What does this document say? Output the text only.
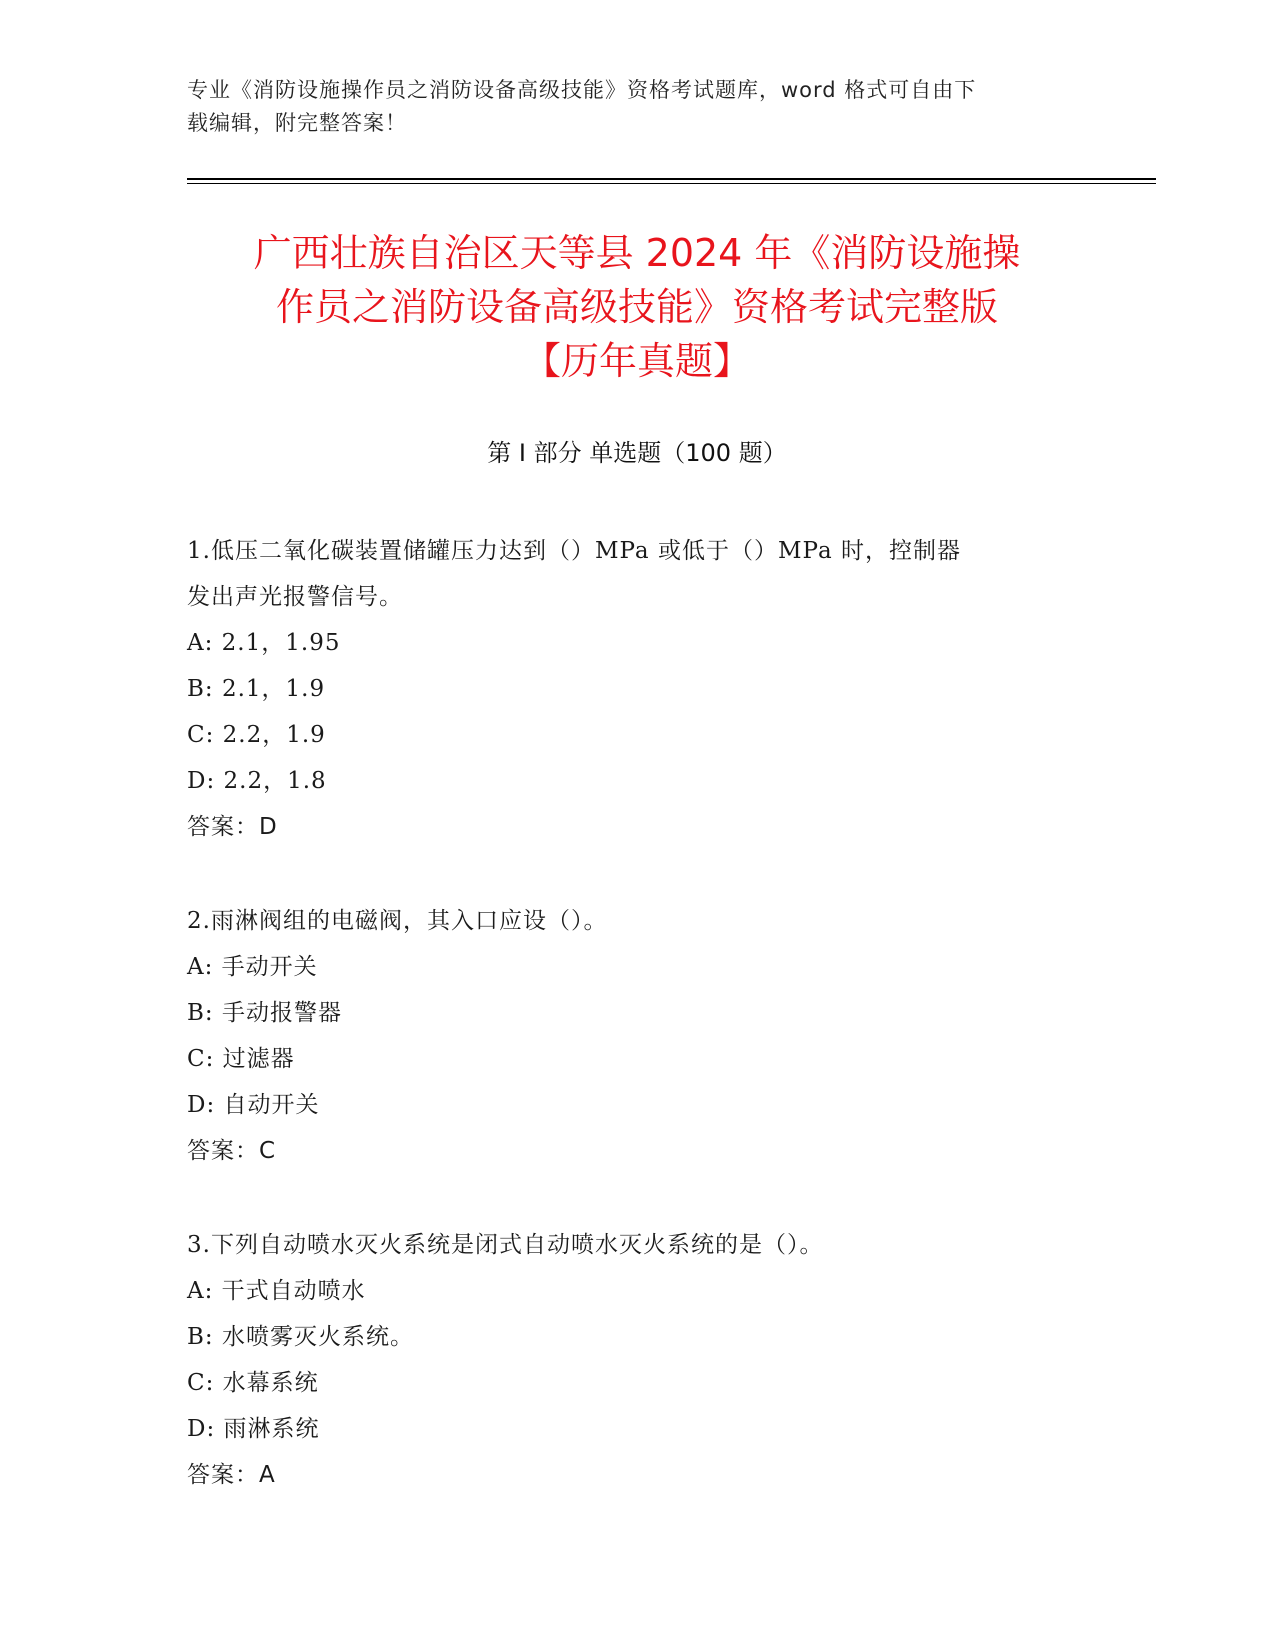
专业《消防设施操作员之消防设备高级技能》资格考试题库，word 格式可自由下
载编辑，附完整答案！
广西壮族自治区天等县 2024 年《消防设施操
作员之消防设备高级技能》资格考试完整版
【历年真题】
第 I 部分 单选题（100 题）
1.低压二氧化碳装置储罐压力达到（）MPa 或低于（）MPa 时，控制器
发出声光报警信号。
A: 2.1，1.95
B: 2.1，1.9
C: 2.2，1.9
D: 2.2，1.8
答案：D
2.雨淋阀组的电磁阀，其入口应设（）。
A: 手动开关
B: 手动报警器
C: 过滤器
D: 自动开关
答案：C
3.下列自动喷水灭火系统是闭式自动喷水灭火系统的是（）。
A: 干式自动喷水
B: 水喷雾灭火系统。
C: 水幕系统
D: 雨淋系统
答案：A
